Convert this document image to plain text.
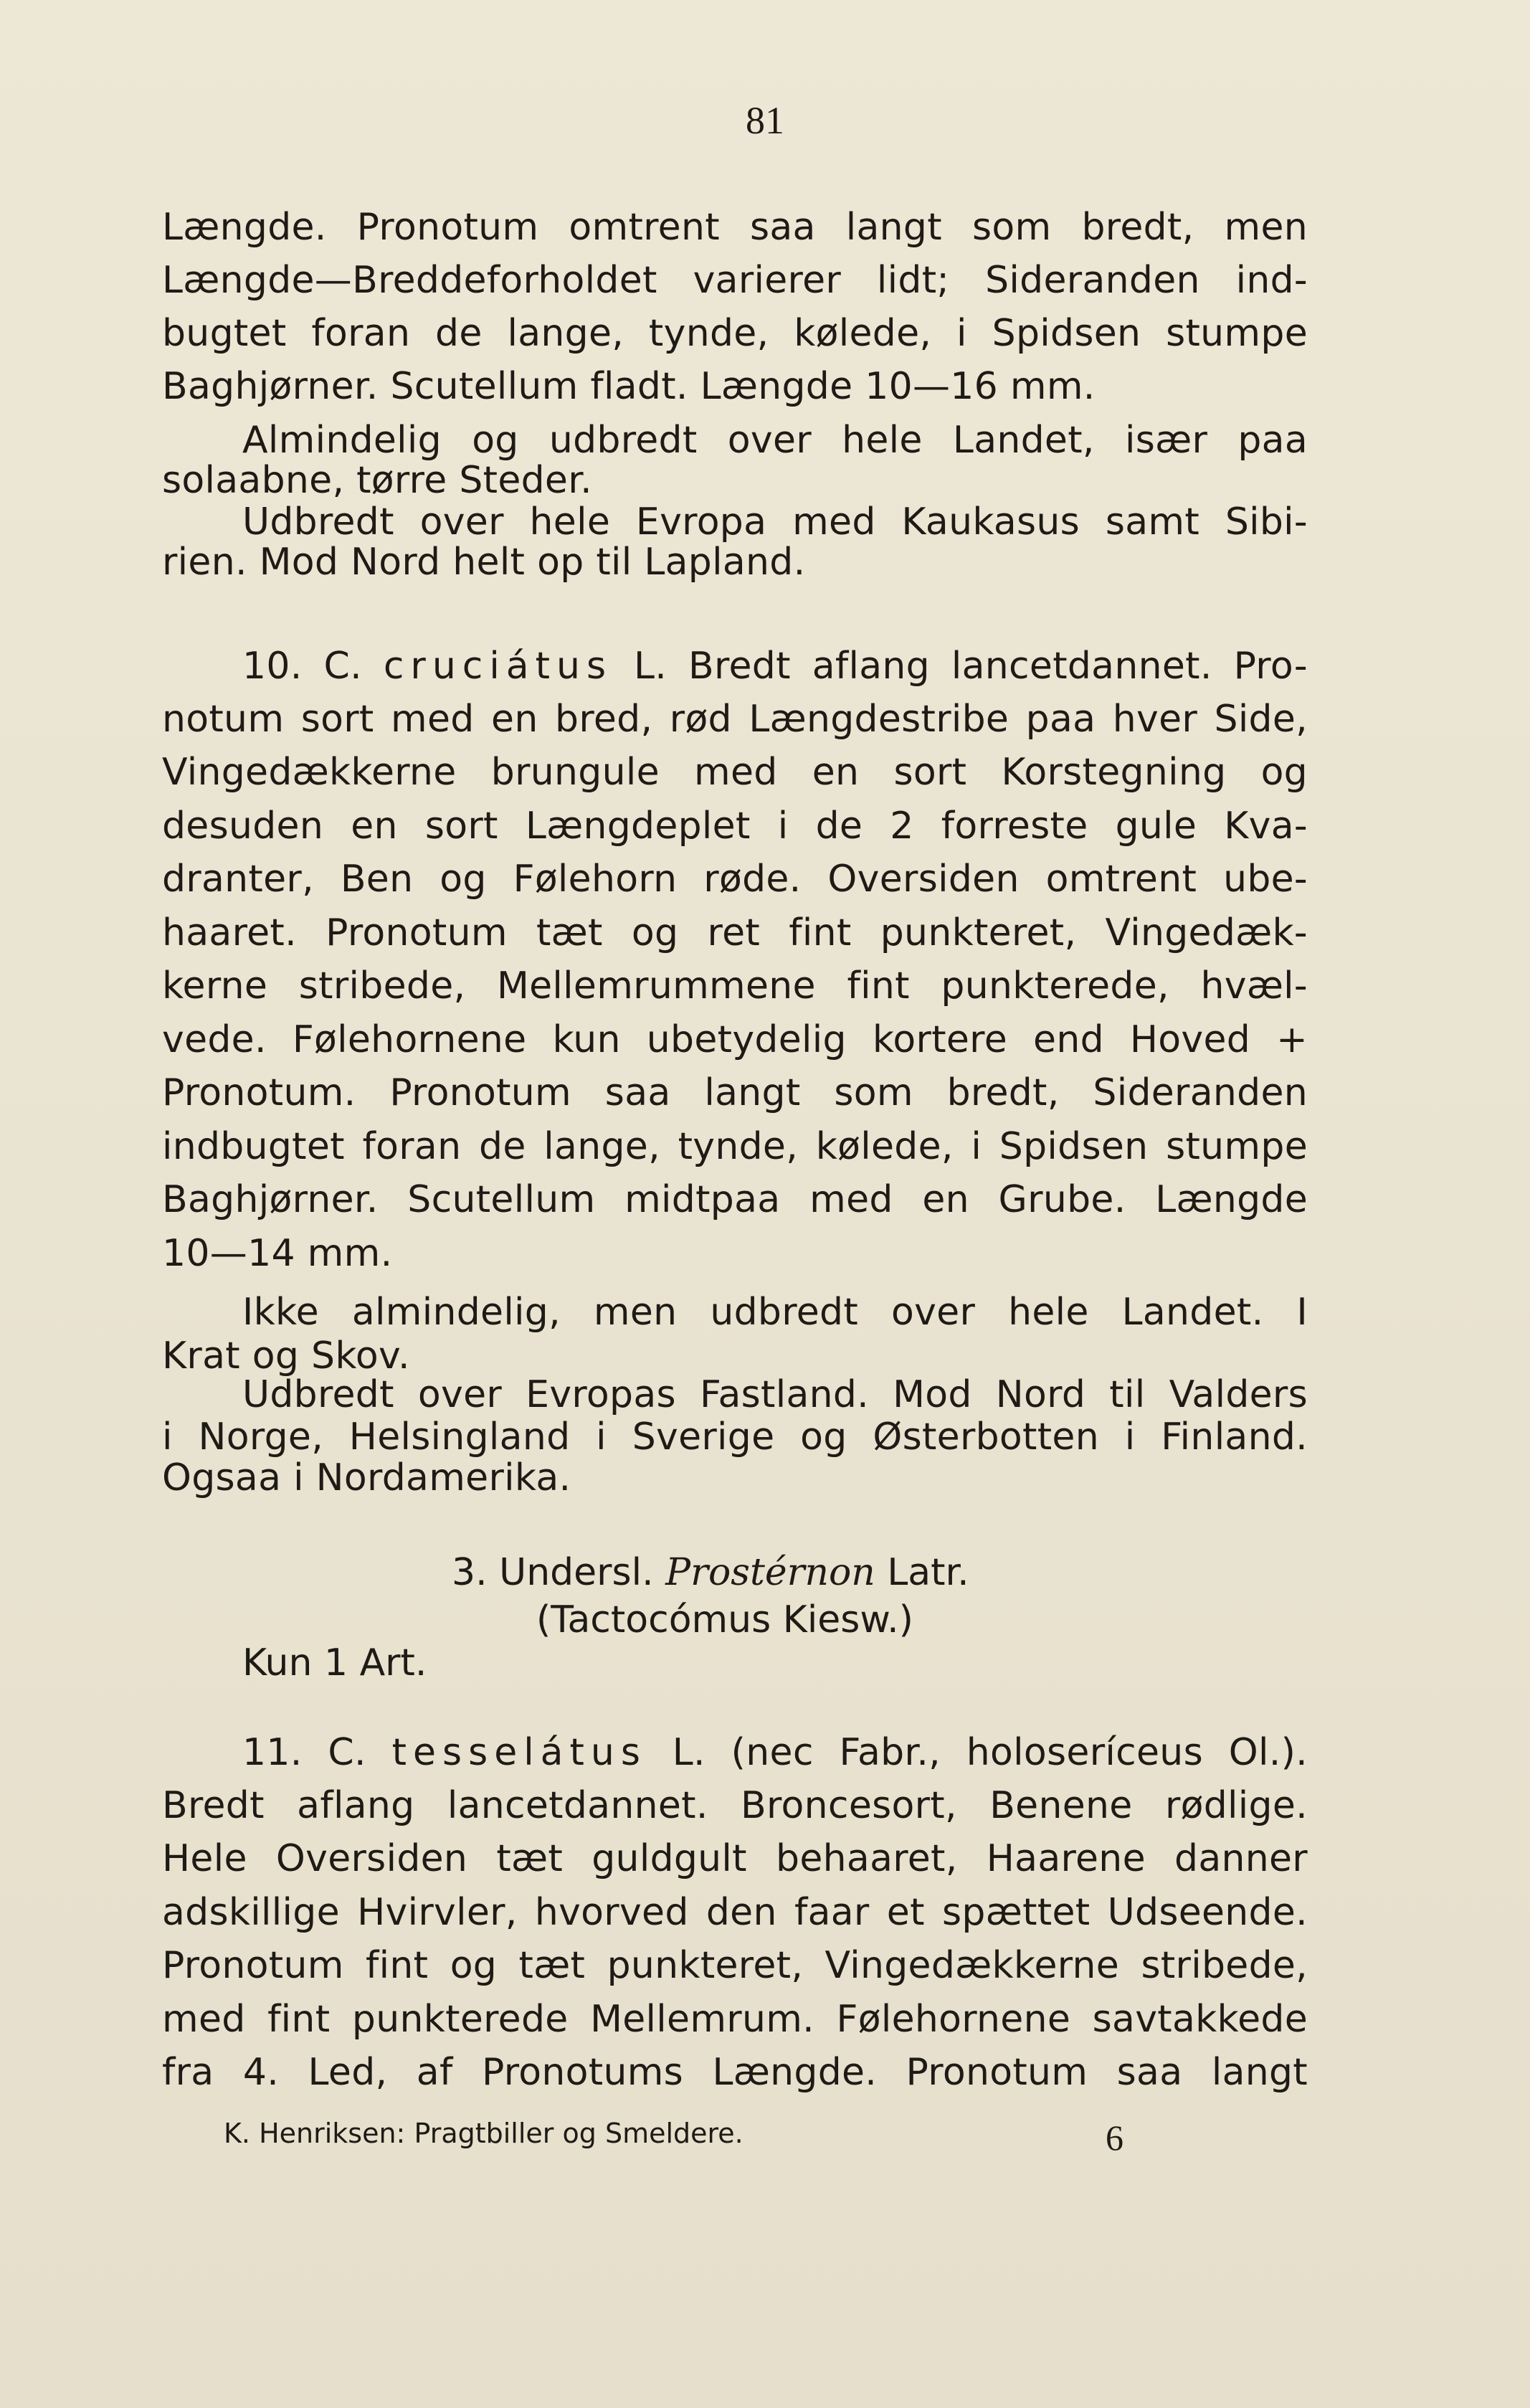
81
Længde. Pronotum omtrent saa langt som bredt, men
Længde—Breddeforholdet varierer lidt; Sideranden ind-
bugtet foran de lange, tynde, kølede, i Spidsen stumpe
Baghjørner. Scutellum fladt. Længde 10—16 mm.
Almindelig og udbredt over hele Landet, især paa
solaabne, tørre Steder.
Udbredt over hele Evropa med Kaukasus samt Sibi-
rien. Mod Nord helt op til Lapland.
10. C. cruciátus L. Bredt aflang lancetdannet. Pro-
notum sort med en bred, rød Længdestribe paa hver Side,
Vingedækkerne brungule med en sort Korstegning og
desuden en sort Længdeplet i de 2 forreste gule Kva-
dranter, Ben og Følehorn røde. Oversiden omtrent ube-
haaret. Pronotum tæt og ret fint punkteret, Vingedæk-
kerne stribede, Mellemrummene fint punkterede, hvæl-
vede. Følehornene kun ubetydelig kortere end Hoved +
Pronotum. Pronotum saa langt som bredt, Sideranden
indbugtet foran de lange, tynde, kølede, i Spidsen stumpe
Baghjørner. Scutellum midtpaa med en Grube. Længde
10—14 mm.
Ikke almindelig, men udbredt over hele Landet. I
Krat og Skov.
Udbredt over Evropas Fastland. Mod Nord til Valders
i Norge, Helsingland i Sverige og Østerbotten i Finland.
Ogsaa i Nordamerika.
3. Undersl. Prostérnon Latr.
(Tactocómus Kiesw.)
Kun 1 Art.
11. C. tesselátus L. (nec Fabr., holoseríceus Ol.).
Bredt aflang lancetdannet. Broncesort, Benene rødlige.
Hele Oversiden tæt guldgult behaaret, Haarene danner
adskillige Hvirvler, hvorved den faar et spættet Udseende.
Pronotum fint og tæt punkteret, Vingedækkerne stribede,
med fint punkterede Mellemrum. Følehornene savtakkede
fra 4. Led, af Pronotums Længde. Pronotum saa langt
K. Henriksen: Pragtbiller og Smeldere.	6
